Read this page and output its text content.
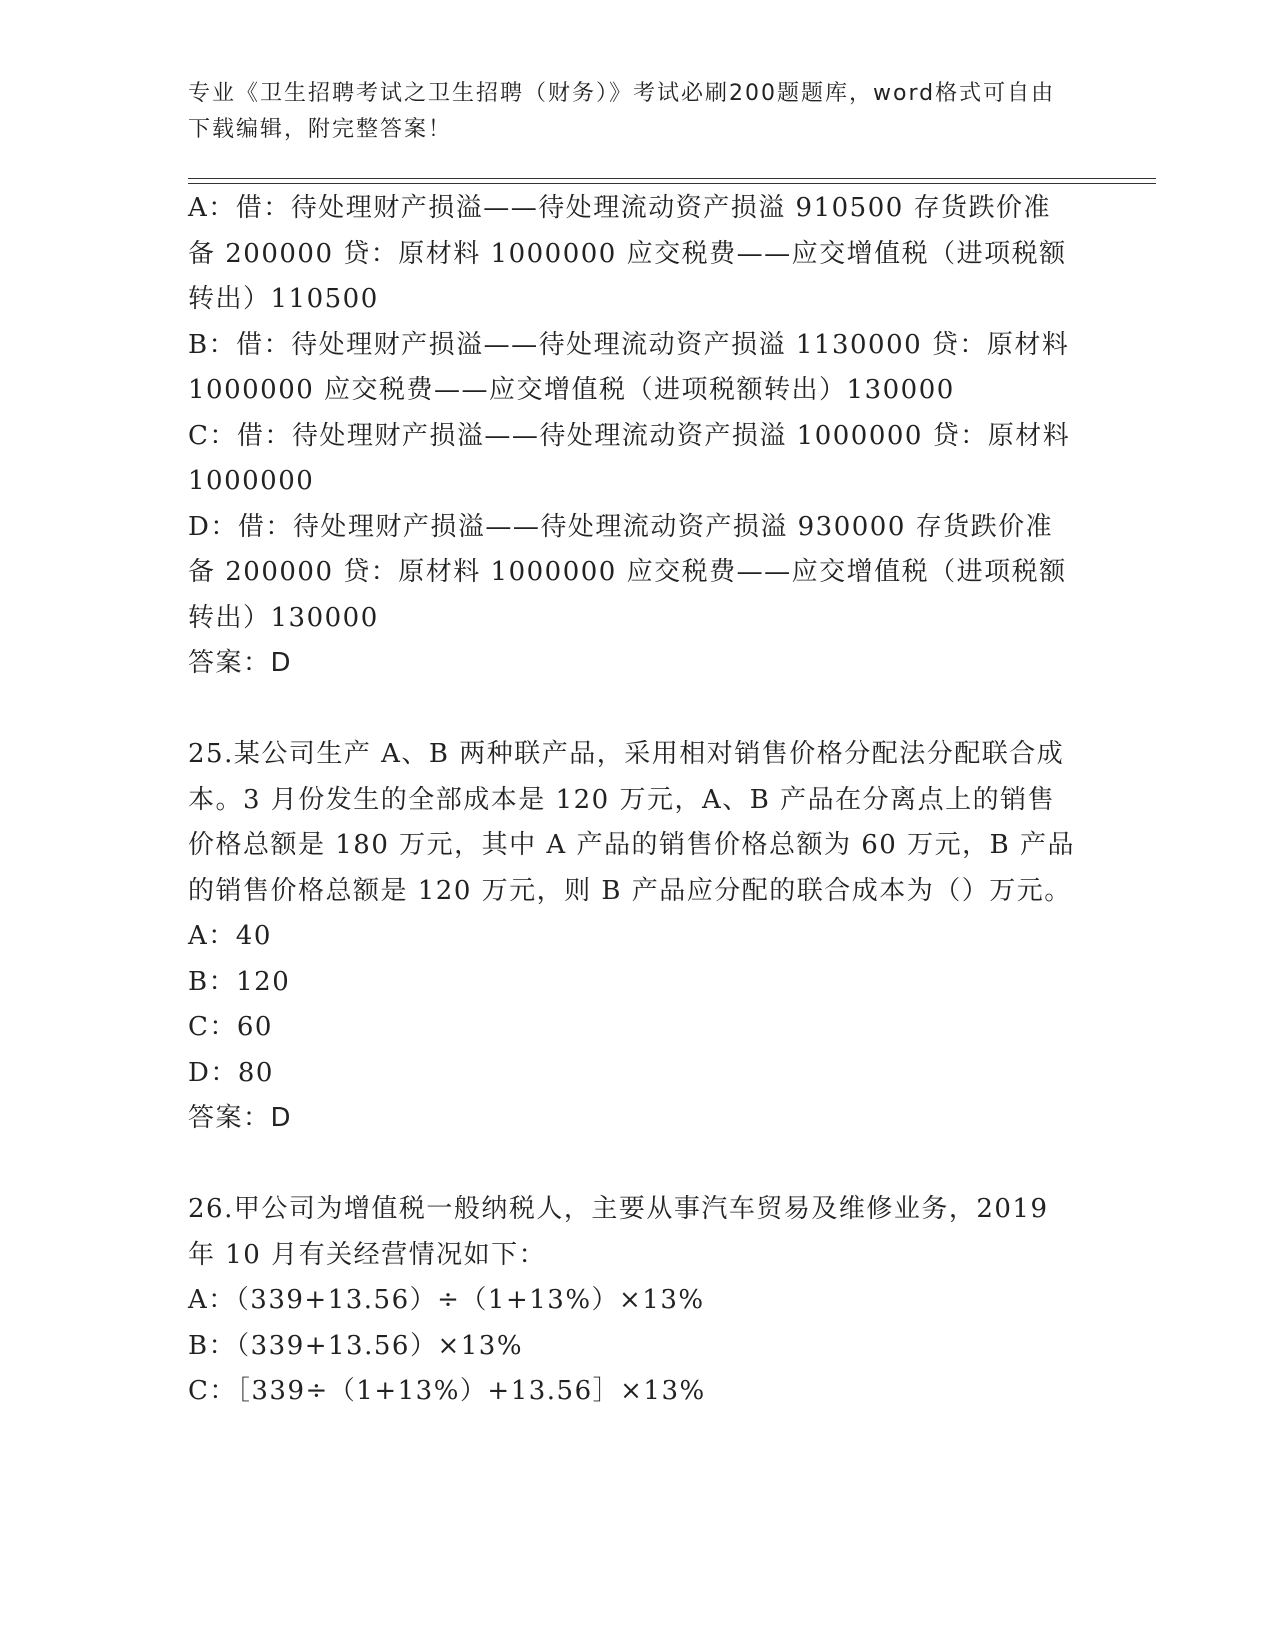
专业《卫生招聘考试之卫生招聘（财务）》考试必刷200题题库，word格式可自由下载编辑，附完整答案！

A：借：待处理财产损溢——待处理流动资产损溢 910500 存货跌价准备 200000 贷：原材料 1000000 应交税费——应交增值税（进项税额转出）110500

B：借：待处理财产损溢——待处理流动资产损溢 1130000 贷：原材料 1000000 应交税费——应交增值税（进项税额转出）130000

C：借：待处理财产损溢——待处理流动资产损溢 1000000 贷：原材料 1000000

D：借：待处理财产损溢——待处理流动资产损溢 930000 存货跌价准备 200000 贷：原材料 1000000 应交税费——应交增值税（进项税额转出）130000

答案：D

25.某公司生产 A、B 两种联产品，采用相对销售价格分配法分配联合成本。3 月份发生的全部成本是 120 万元，A、B 产品在分离点上的销售价格总额是 180 万元，其中 A 产品的销售价格总额为 60 万元，B 产品的销售价格总额是 120 万元，则 B 产品应分配的联合成本为（）万元。

A：40

B：120

C：60

D：80

答案：D

26.甲公司为增值税一般纳税人，主要从事汽车贸易及维修业务，2019 年 10 月有关经营情况如下：

A：（339+13.56）÷（1+13%）×13%

B：（339+13.56）×13%

C：［339÷（1+13%）+13.56］×13%
